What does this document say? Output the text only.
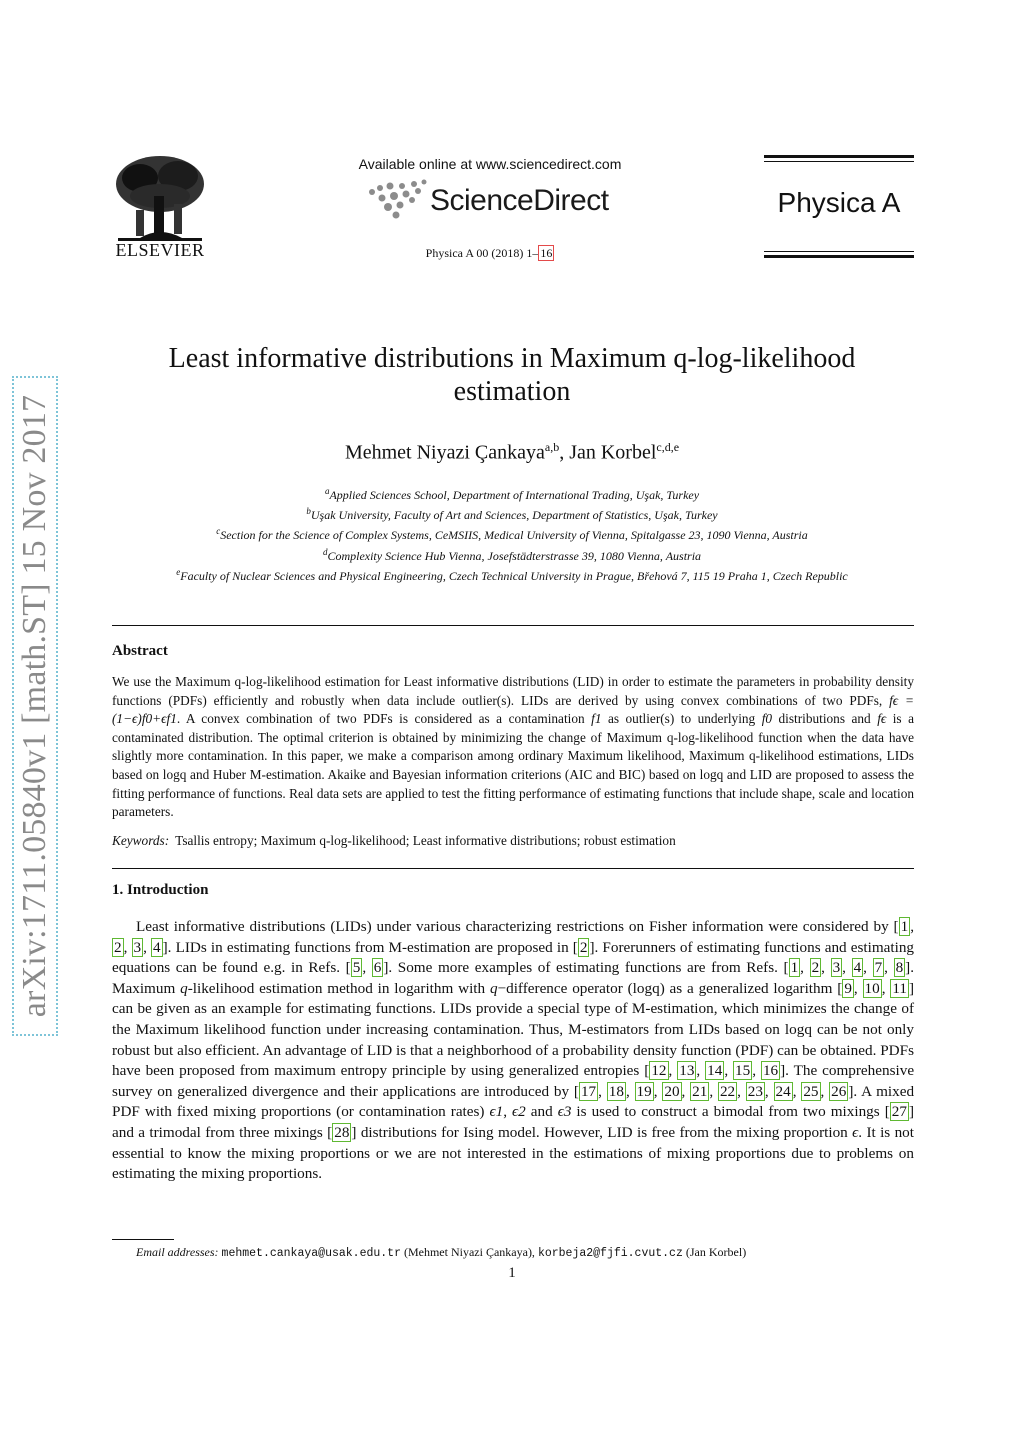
arXiv:1711.05840v1 [math.ST] 15 Nov 2017
ELSEVIER
Available online at www.sciencedirect.com
ScienceDirect
Physica A 00 (2018) 1– 16
Physica A
Least informative distributions in Maximum q-log-likelihood
estimation
Mehmet Niyazi Çankaya$^{a,b}$, Jan Korbel$^{c,d,e}$
$^a$Applied Sciences School, Department of International Trading, Uşak, Turkey
$^b$Uşak University, Faculty of Art and Sciences, Department of Statistics, Uşak, Turkey
$^c$Section for the Science of Complex Systems, CeMSIIS, Medical University of Vienna, Spitalgasse 23, 1090 Vienna, Austria
$^d$Complexity Science Hub Vienna, Josefstädterstrasse 39, 1080 Vienna, Austria
$^e$Faculty of Nuclear Sciences and Physical Engineering, Czech Technical University in Prague, Břehová 7, 115 19 Praha 1, Czech Republic
Abstract
We use the Maximum q-log-likelihood estimation for Least informative distributions (LID) in order to estimate the parameters in probability density functions (PDFs) efficiently and robustly when data include outlier(s). LIDs are derived by using convex combinations of two PDFs, fϵ = (1−ϵ)f0+ϵf1. A convex combination of two PDFs is considered as a contamination f1 as outlier(s) to underlying f0 distributions and fϵ is a contaminated distribution. The optimal criterion is obtained by minimizing the change of Maximum q-log-likelihood function when the data have slightly more contamination. In this paper, we make a comparison among ordinary Maximum likelihood, Maximum q-likelihood estimations, LIDs based on logq and Huber M-estimation. Akaike and Bayesian information criterions (AIC and BIC) based on logq and LID are proposed to assess the fitting performance of functions. Real data sets are applied to test the fitting performance of estimating functions that include shape, scale and location parameters.
Keywords: Tsallis entropy; Maximum q-log-likelihood; Least informative distributions; robust estimation
1. Introduction

Least informative distributions (LIDs) under various characterizing restrictions on Fisher information were considered by [ 1 , 2 , 3 , 4 ]. LIDs in estimating functions from M-estimation are proposed in [ 2 ]. Forerunners of estimating functions and estimating equations can be found e.g. in Refs. [ 5 , 6 ]. Some more examples of estimating functions are from Refs. [ 1 , 2 , 3 , 4 , 7 , 8 ]. Maximum q-likelihood estimation method in logarithm with q−difference operator (logq) as a generalized logarithm [ 9 , 10 , 11 ] can be given as an example for estimating functions. LIDs provide a special type of M-estimation, which minimizes the change of the Maximum likelihood function under increasing contamination. Thus, M-estimators from LIDs based on logq can be not only robust but also efficient. An advantage of LID is that a neighborhood of a probability density function (PDF) can be obtained. PDFs have been proposed from maximum entropy principle by using generalized entropies [ 12 , 13 , 14 , 15 , 16 ]. The comprehensive survey on generalized divergence and their applications are introduced by [ 17 , 18 , 19 , 20 , 21 , 22 , 23 , 24 , 25 , 26 ]. A mixed PDF with fixed mixing proportions (or contamination rates) ϵ1, ϵ2 and ϵ3 is used to construct a bimodal from two mixings [ 27 ] and a trimodal from three mixings [ 28 ] distributions for Ising model. However, LID is free from the mixing proportion ϵ. It is not essential to know the mixing proportions or we are not interested in the estimations of mixing proportions due to problems on estimating the mixing proportions.

Email addresses: mehmet.cankaya@usak.edu.tr (Mehmet Niyazi Çankaya), korbeja2@fjfi.cvut.cz (Jan Korbel)
1
